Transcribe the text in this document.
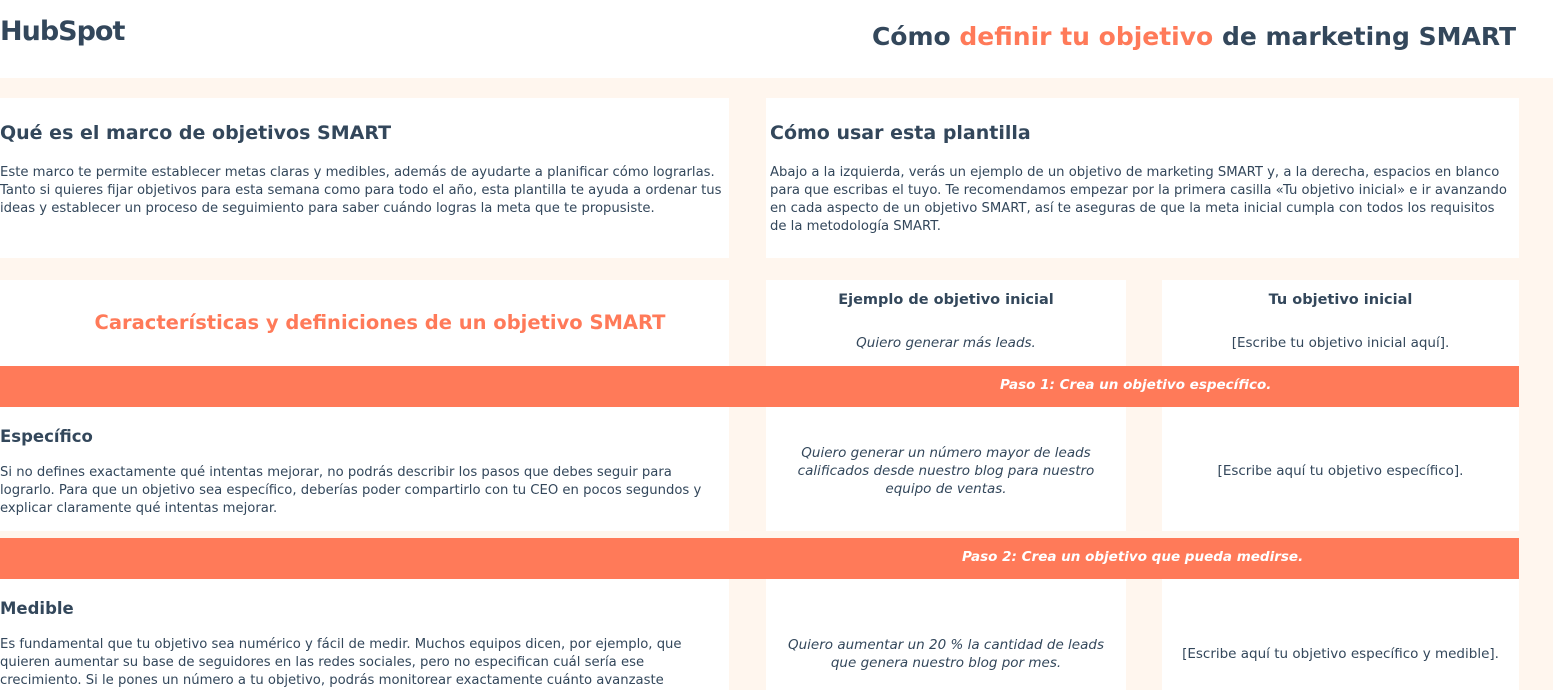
HubSpot	Cómo definir tu objetivo de marketing SMART
Qué es el marco de objetivos SMART

Este marco te permite establecer metas claras y medibles, además de ayudarte a planificar cómo lograrlas. Tanto si quieres fijar objetivos para esta semana como para todo el año, esta plantilla te ayuda a ordenar tus ideas y establecer un proceso de seguimiento para saber cuándo logras la meta que te propusiste.

Cómo usar esta plantilla

Abajo a la izquierda, verás un ejemplo de un objetivo de marketing SMART y, a la derecha, espacios en blanco para que escribas el tuyo. Te recomendamos empezar por la primera casilla «Tu objetivo inicial» e ir avanzando en cada aspecto de un objetivo SMART, así te aseguras de que la meta inicial cumpla con todos los requisitos de la metodología SMART.

Características y definiciones de un objetivo SMART
Ejemplo de objetivo inicial
Quiero generar más leads.
Tu objetivo inicial
[Escribe tu objetivo inicial aquí].
Paso 1: Crea un objetivo específico.
Específico

Si no defines exactamente qué intentas mejorar, no podrás describir los pasos que debes seguir para lograrlo. Para que un objetivo sea específico, deberías poder compartirlo con tu CEO en pocos segundos y explicar claramente qué intentas mejorar.

Quiero generar un número mayor de leads calificados desde nuestro blog para nuestro equipo de ventas.
[Escribe aquí tu objetivo específico].
Paso 2: Crea un objetivo que pueda medirse.
Medible

Es fundamental que tu objetivo sea numérico y fácil de medir. Muchos equipos dicen, por ejemplo, que quieren aumentar su base de seguidores en las redes sociales, pero no especifican cuál sería ese crecimiento. Si le pones un número a tu objetivo, podrás monitorear exactamente cuánto avanzaste

Quiero aumentar un 20 % la cantidad de leads que genera nuestro blog por mes.
[Escribe aquí tu objetivo específico y medible].
